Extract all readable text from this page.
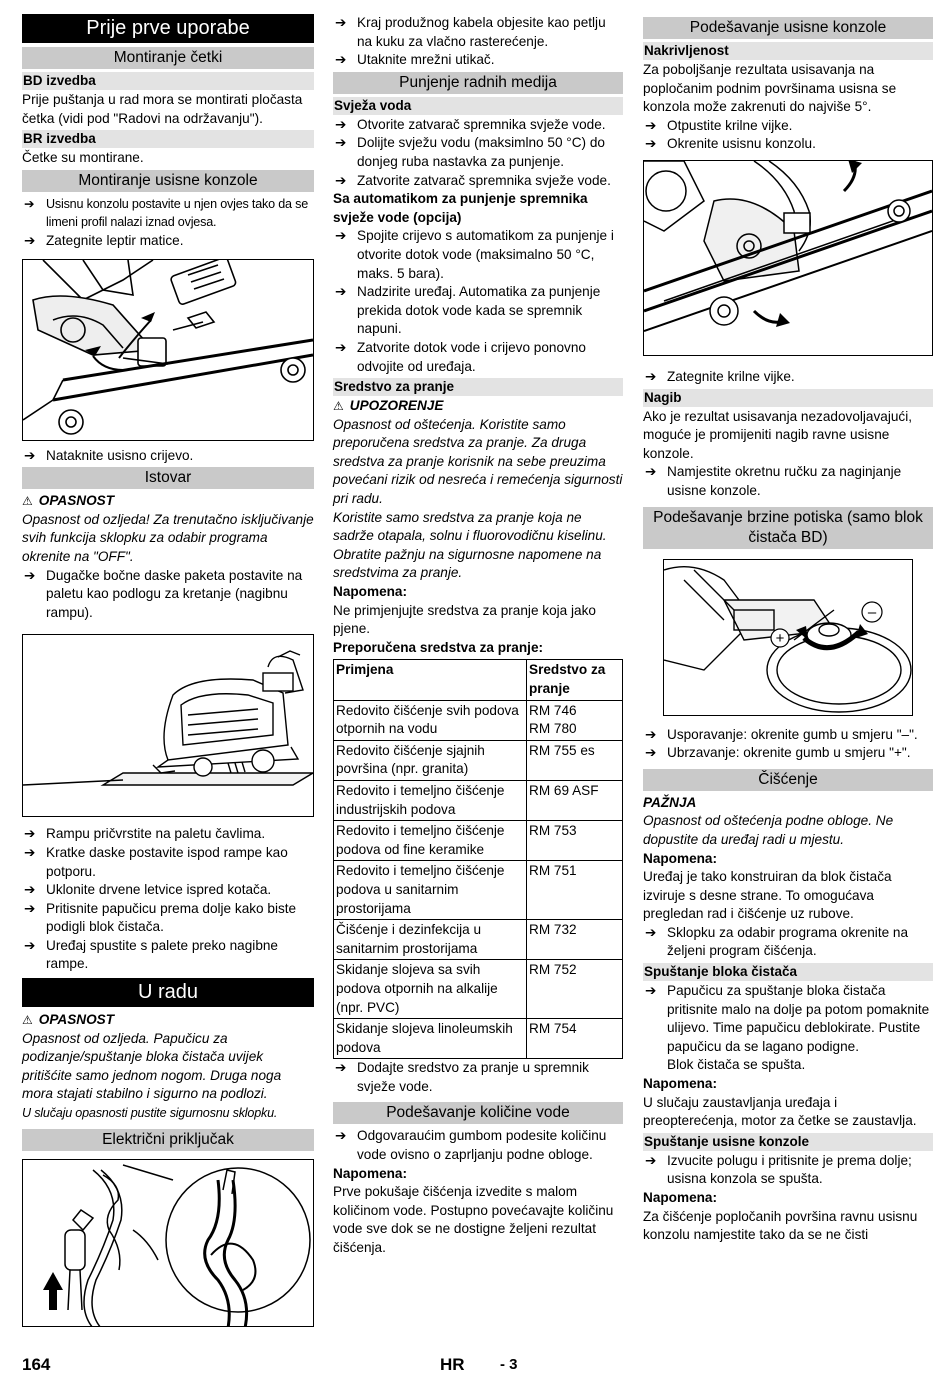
Prije prve uporabe
Montiranje četki
BD izvedba
Prije puštanja u rad mora se montirati pločasta četka (vidi pod "Radovi na održavanju").
BR izvedba
Četke su montirane.
Montiranje usisne konzole
➔ Usisnu konzolu postavite u njen ovjes tako da se limeni profil nalazi iznad ovjesa.
➔ Zategnite leptir matice.
➔ Nataknite usisno crijevo.
Istovar
⚠ OPASNOST
Opasnost od ozljeda! Za trenutačno isključivanje svih funkcija sklopku za odabir programa okrenite na "OFF".
➔ Dugačke bočne daske paketa postavite na paletu kao podlogu za kretanje (nagibnu rampu).
➔ Rampu pričvrstite na paletu čavlima.
➔ Kratke daske postavite ispod rampe kao potporu.
➔ Uklonite drvene letvice ispred kotača.
➔ Pritisnite papučicu prema dolje kako biste podigli blok čistača.
➔ Uređaj spustite s palete preko nagibne rampe.
U radu
⚠ OPASNOST
Opasnost od ozljeda. Papučicu za podizanje/spuštanje bloka čistača uvijek pritišćite samo jednom nogom. Druga noga mora stajati stabilno i sigurno na podlozi.
U slučaju opasnosti pustite sigurnosnu sklopku.
Električni priključak
➔ Kraj produžnog kabela objesite kao petlju na kuku za vlačno rasterećenje.
➔ Utaknite mrežni utikač.
Punjenje radnih medija
Svježa voda
➔ Otvorite zatvarač spremnika svježe vode.
➔ Dolijte svježu vodu (maksimlno 50 °C) do donjeg ruba nastavka za punjenje.
➔ Zatvorite zatvarač spremnika svježe vode.
Sa automatikom za punjenje spremnika svježe vode (opcija)
➔ Spojite crijevo s automatikom za punjenje i otvorite dotok vode (maksimalno 50 °C, maks. 5 bara).
➔ Nadzirite uređaj. Automatika za punjenje prekida dotok vode kada se spremnik napuni.
➔ Zatvorite dotok vode i crijevo ponovno odvojite od uređaja.
Sredstvo za pranje
⚠ UPOZORENJE
Opasnost od oštećenja. Koristite samo preporučena sredstva za pranje. Za druga sredstva za pranje korisnik na sebe preuzima povećani rizik od nesreća i remećenja sigurnosti pri radu.
Koristite samo sredstva za pranje koja ne sadrže otapala, solnu i fluorovodičnu kiselinu.
Obratite pažnju na sigurnosne napomene na sredstvima za pranje.
Napomena:
Ne primjenjujte sredstva za pranje koja jako pjene.
Preporučena sredstva za pranje:
Primjena	Sredstvo za pranje
Redovito čišćenje svih podova otpornih na vodu	RM 746
RM 780
Redovito čišćenje sjajnih površina (npr. granita)	RM 755 es
Redovito i temeljno čišćenje industrijskih podova	RM 69 ASF
Redovito i temeljno čišćenje podova od fine keramike	RM 753
Redovito i temeljno čišćenje podova u sanitarnim prostorijama	RM 751
Čišćenje i dezinfekcija u sanitarnim prostorijama	RM 732
Skidanje slojeva sa svih podova otpornih na alkalije (npr. PVC)	RM 752
Skidanje slojeva linoleumskih podova	RM 754
➔ Dodajte sredstvo za pranje u spremnik svježe vode.
Podešavanje količine vode
➔ Odgovaraućim gumbom podesite količinu vode ovisno o zaprljanju podne obloge.
Napomena:
Prve pokušaje čišćenja izvedite s malom količinom vode. Postupno povećavajte količinu vode sve dok se ne dostigne željeni rezultat čišćenja.
Podešavanje usisne konzole
Nakrivljenost
Za poboljšanje rezultata usisavanja na popločanim podnim površinama usisna se konzola može zakrenuti do najviše 5°.
➔ Otpustite krilne vijke.
➔ Okrenite usisnu konzolu.
➔ Zategnite krilne vijke.
Nagib
Ako je rezultat usisavanja nezadovoljavajući, moguće je promijeniti nagib ravne usisne konzole.
➔ Namjestite okretnu ručku za naginjanje usisne konzole.
Podešavanje brzine potiska (samo blok čistača BD)
+
–
➔ Usporavanje: okrenite gumb u smjeru "–".
➔ Ubrzavanje: okrenite gumb u smjeru "+".
Čišćenje
PAŽNJA
Opasnost od oštećenja podne obloge. Ne dopustite da uređaj radi u mjestu.
Napomena:
Uređaj je tako konstruiran da blok čistača izviruje s desne strane. To omogućava pregledan rad i čišćenje uz rubove.
➔ Sklopku za odabir programa okrenite na željeni program čišćenja.
Spuštanje bloka čistača
➔ Papučicu za spuštanje bloka čistača pritisnite malo na dolje pa potom pomaknite ulijevo. Time papučicu deblokirate. Pustite papučicu da se lagano podigne.
Blok čistača se spušta.
Napomena:
U slučaju zaustavljanja uređaja i preopterećenja, motor za četke se zaustavlja.
Spuštanje usisne konzole
➔ Izvucite polugu i pritisnite je prema dolje; usisna konzola se spušta.
Napomena:
Za čišćenje popločanih površina ravnu usisnu konzolu namjestite tako da se ne čisti
164	HR - 3
